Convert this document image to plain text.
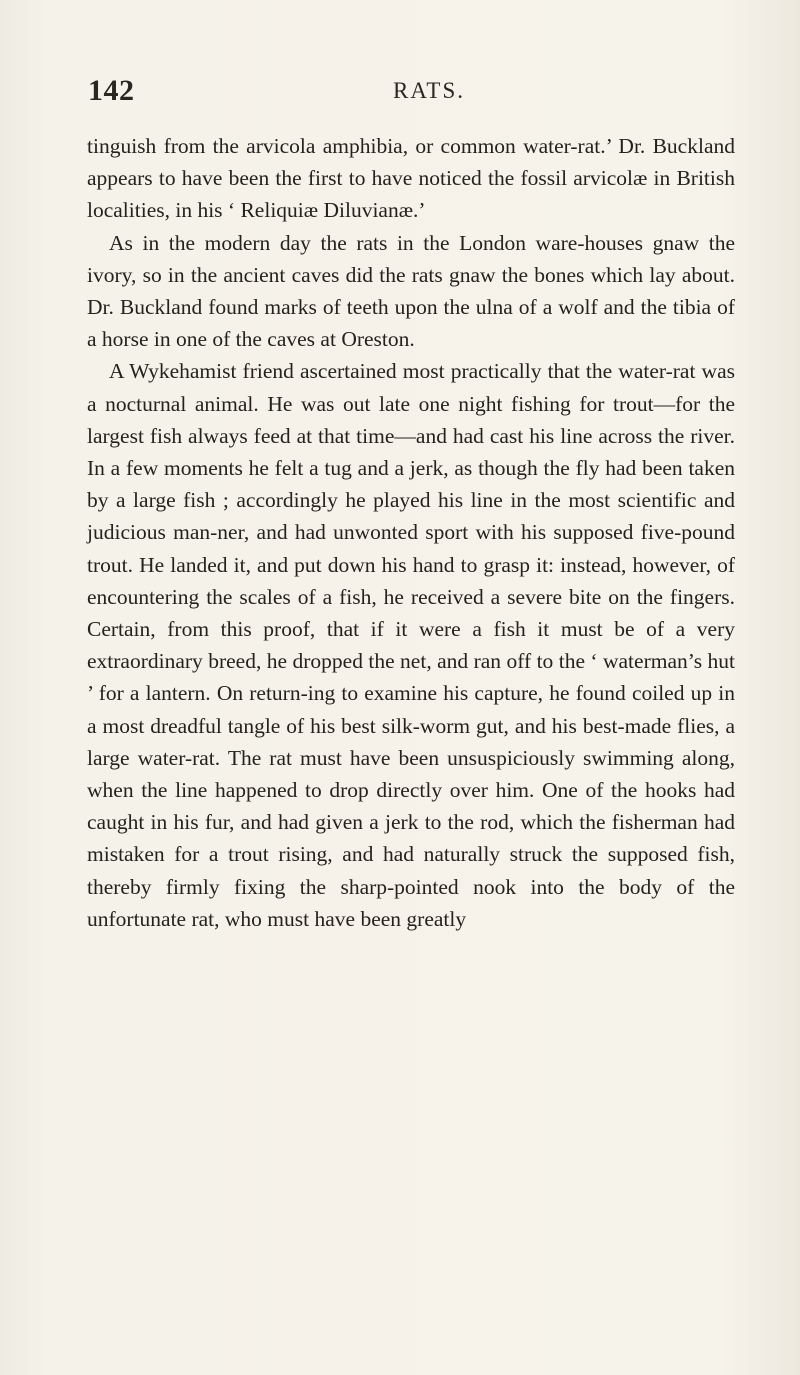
142	RATS.

tinguish from the arvicola amphibia, or common water-rat.’ Dr. Buckland appears to have been the first to have noticed the fossil arvicolæ in British localities, in his ‘ Reliquiæ Diluvianæ.’

As in the modern day the rats in the London ware-houses gnaw the ivory, so in the ancient caves did the rats gnaw the bones which lay about. Dr. Buckland found marks of teeth upon the ulna of a wolf and the tibia of a horse in one of the caves at Oreston.

A Wykehamist friend ascertained most practically that the water-rat was a nocturnal animal. He was out late one night fishing for trout—for the largest fish always feed at that time—and had cast his line across the river. In a few moments he felt a tug and a jerk, as though the fly had been taken by a large fish ; accordingly he played his line in the most scientific and judicious man-ner, and had unwonted sport with his supposed five-pound trout. He landed it, and put down his hand to grasp it: instead, however, of encountering the scales of a fish, he received a severe bite on the fingers. Certain, from this proof, that if it were a fish it must be of a very extraordinary breed, he dropped the net, and ran off to the ‘ waterman’s hut ’ for a lantern. On return-ing to examine his capture, he found coiled up in a most dreadful tangle of his best silk-worm gut, and his best-made flies, a large water-rat. The rat must have been unsuspiciously swimming along, when the line happened to drop directly over him. One of the hooks had caught in his fur, and had given a jerk to the rod, which the fisherman had mistaken for a trout rising, and had naturally struck the supposed fish, thereby firmly fixing the sharp-pointed nook into the body of the unfortunate rat, who must have been greatly
